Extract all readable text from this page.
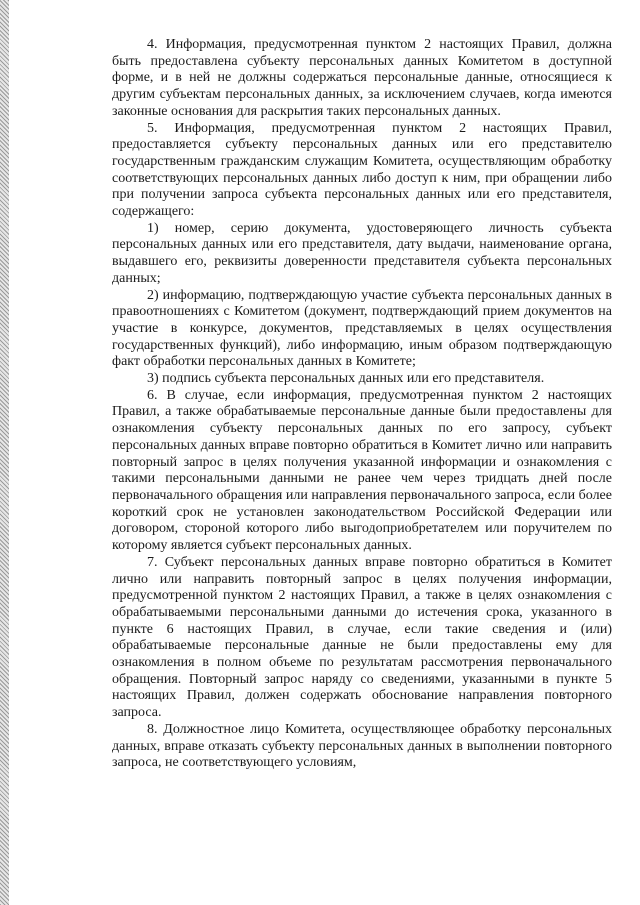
4. Информация, предусмотренная пунктом 2 настоящих Правил, должна быть предоставлена субъекту персональных данных Комитетом в доступной форме, и в ней не должны содержаться персональные данные, относящиеся к другим субъектам персональных данных, за исключением случаев, когда имеются законные основания для раскрытия таких персональных данных.

5. Информация, предусмотренная пунктом 2 настоящих Правил, предоставляется субъекту персональных данных или его представителю государственным гражданским служащим Комитета, осуществляющим обработку соответствующих персональных данных либо доступ к ним, при обращении либо при получении запроса субъекта персональных данных или его представителя, содержащего:

1) номер, серию документа, удостоверяющего личность субъекта персональных данных или его представителя, дату выдачи, наименование органа, выдавшего его, реквизиты доверенности представителя субъекта персональных данных;

2) информацию, подтверждающую участие субъекта персональных данных в правоотношениях с Комитетом (документ, подтверждающий прием документов на участие в конкурсе, документов, представляемых в целях осуществления государственных функций), либо информацию, иным образом подтверждающую факт обработки персональных данных в Комитете;

3) подпись субъекта персональных данных или его представителя.

6. В случае, если информация, предусмотренная пунктом 2 настоящих Правил, а также обрабатываемые персональные данные были предоставлены для ознакомления субъекту персональных данных по его запросу, субъект персональных данных вправе повторно обратиться в Комитет лично или направить повторный запрос в целях получения указанной информации и ознакомления с такими персональными данными не ранее чем через тридцать дней после первоначального обращения или направления первоначального запроса, если более короткий срок не установлен законодательством Российской Федерации или договором, стороной которого либо выгодоприобретателем или поручителем по которому является субъект персональных данных.

7. Субъект персональных данных вправе повторно обратиться в Комитет лично или направить повторный запрос в целях получения информации, предусмотренной пунктом 2 настоящих Правил, а также в целях ознакомления с обрабатываемыми персональными данными до истечения срока, указанного в пункте 6 настоящих Правил, в случае, если такие сведения и (или) обрабатываемые персональные данные не были предоставлены ему для ознакомления в полном объеме по результатам рассмотрения первоначального обращения. Повторный запрос наряду со сведениями, указанными в пункте 5 настоящих Правил, должен содержать обоснование направления повторного запроса.

8. Должностное лицо Комитета, осуществляющее обработку персональных данных, вправе отказать субъекту персональных данных в выполнении повторного запроса, не соответствующего условиям,
